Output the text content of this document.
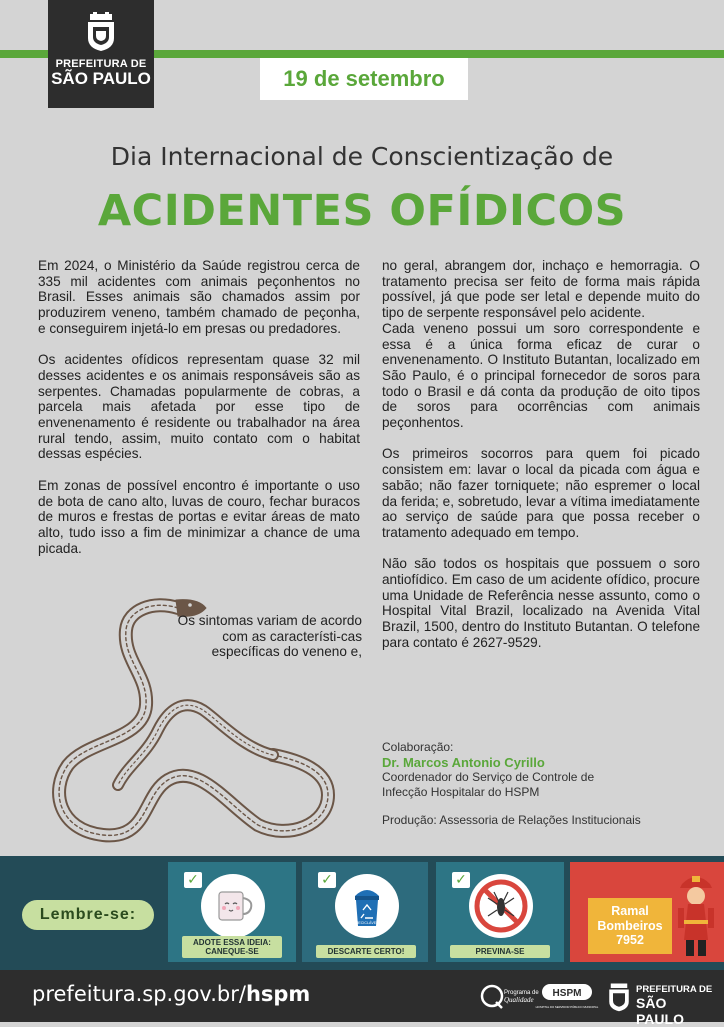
PREFEITURA DE
SÃO PAULO	19 de setembro
Dia Internacional de Conscientização de
ACIDENTES OFÍDICOS

Em 2024, o Ministério da Saúde registrou cerca de 335 mil acidentes com animais peçonhentos no Brasil. Esses animais são chamados assim por produzirem veneno, também chamado de peçonha, e conseguirem injetá-lo em presas ou predadores.

Os acidentes ofídicos representam quase 32 mil desses acidentes e os animais responsáveis são as serpentes. Chamadas popularmente de cobras, a parcela mais afetada por esse tipo de envenenamento é residente ou trabalhador na área rural tendo, assim, muito contato com o habitat dessas espécies.

Em zonas de possível encontro é importante o uso de bota de cano alto, luvas de couro, fechar buracos de muros e frestas de portas e evitar áreas de mato alto, tudo isso a fim de minimizar a chance de uma picada.

Os sintomas variam de acordo com as característi-cas específicas do veneno e,

no geral, abrangem dor, inchaço e hemorragia. O tratamento precisa ser feito de forma mais rápida possível, já que pode ser letal e depende muito do tipo de serpente responsável pelo acidente.

Cada veneno possui um soro correspondente e essa é a única forma eficaz de curar o envenenamento. O Instituto Butantan, localizado em São Paulo, é o principal fornecedor de soros para todo o Brasil e dá conta da produção de oito tipos de soros para ocorrências com animais peçonhentos.

Os primeiros socorros para quem foi picado consistem em: lavar o local da picada com água e sabão; não fazer torniquete; não espremer o local da ferida; e, sobretudo, levar a vítima imediatamente ao serviço de saúde para que possa receber o tratamento adequado em tempo.

Não são todos os hospitais que possuem o soro antiofídico. Em caso de um acidente ofídico, procure uma Unidade de Referência nesse assunto, como o Hospital Vital Brazil, localizado na Avenida Vital Brazil, 1500, dentro do Instituto Butantan. O telefone para contato é 2627-9529.

Colaboração:
Dr. Marcos Antonio Cyrillo
Coordenador do Serviço de Controle de
Infecção Hospitalar do HSPM
Produção: Assessoria de Relações Institucionais
Lembre-se:
✓
ADOTE ESSA IDEIA:
CANEQUE-SE
✓
RECICLÁVEL
DESCARTE CERTO!
✓
PREVINA-SE
Ramal
Bombeiros
7952
prefeitura.sp.gov.br/hspm	Programa de
Qualidade
HSPM
HOSPITAL DO SERVIDOR PÚBLICO MUNICIPAL
PREFEITURA DE
SÃO PAULO
